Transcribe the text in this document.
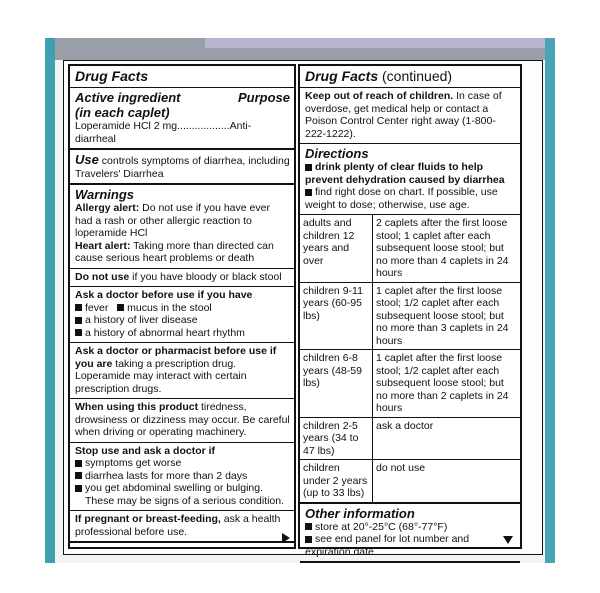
Drug Facts
Active ingredient	Purpose
(in each caplet)
Loperamide HCl 2 mg..................Anti-diarrheal
Use controls symptoms of diarrhea, including Travelers' Diarrhea
Warnings
Allergy alert: Do not use if you have ever had a rash or other allergic reaction to loperamide HCl
Heart alert: Taking more than directed can cause serious heart problems or death
Do not use if you have bloody or black stool
Ask a doctor before use if you have
fever mucus in the stool
a history of liver disease
a history of abnormal heart rhythm
Ask a doctor or pharmacist before use if you are taking a prescription drug. Loperamide may interact with certain prescription drugs.
When using this product tiredness, drowsiness or dizziness may occur. Be careful when driving or operating machinery.
Stop use and ask a doctor if
symptoms get worse
diarrhea lasts for more than 2 days
you get abdominal swelling or bulging.
These may be signs of a serious condition.
If pregnant or breast-feeding, ask a health professional before use.
Drug Facts (continued)
Keep out of reach of children. In case of overdose, get medical help or contact a Poison Control Center right away (1-800-222-1222).
Directions
drink plenty of clear fluids to help prevent dehydration caused by diarrhea
find right dose on chart. If possible, use weight to dose; otherwise, use age.
adults and children 12 years and over	2 caplets after the first loose stool; 1 caplet after each subsequent loose stool; but no more than 4 caplets in 24 hours
children 9-11 years (60-95 lbs)	1 caplet after the first loose stool; 1/2 caplet after each subsequent loose stool; but no more than 3 caplets in 24 hours
children 6-8 years (48-59 lbs)	1 caplet after the first loose stool; 1/2 caplet after each subsequent loose stool; but no more than 2 caplets in 24 hours
children 2-5 years (34 to 47 lbs)	ask a doctor
children under 2 years (up to 33 lbs)	do not use
Other information
store at 20°-25°C (68°-77°F)
see end panel for lot number and expiration date
